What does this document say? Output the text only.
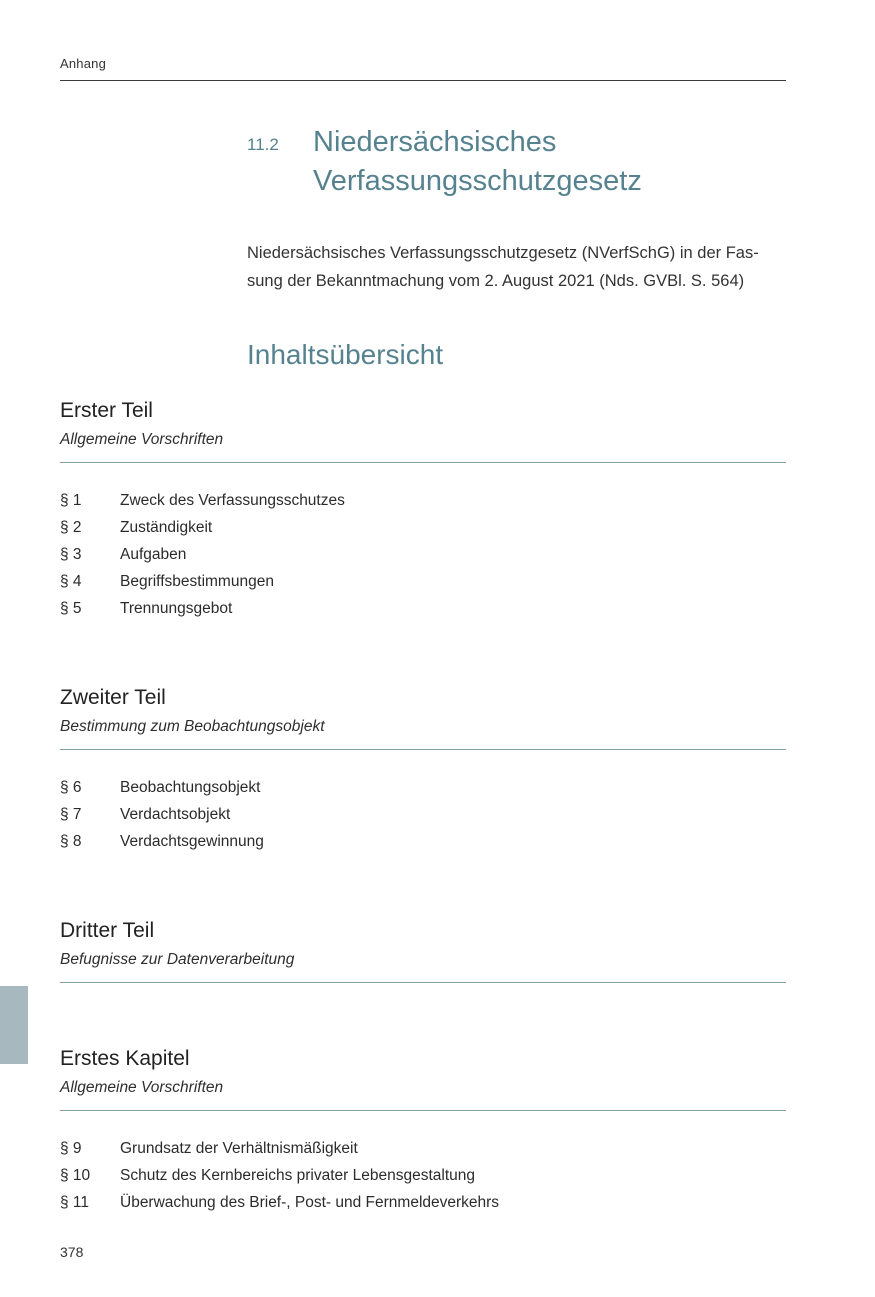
Anhang
11.2	Niedersächsisches
Verfassungsschutzgesetz
Niedersächsisches Verfassungsschutzgesetz (NVerfSchG) in der Fas-
sung der Bekanntmachung vom 2. August 2021 (Nds. GVBl. S. 564)
Inhaltsübersicht
Erster Teil
Allgemeine Vorschriften
§ 1	Zweck des Verfassungsschutzes
§ 2	Zuständigkeit
§ 3	Aufgaben
§ 4	Begriffsbestimmungen
§ 5	Trennungsgebot
Zweiter Teil
Bestimmung zum Beobachtungsobjekt
§ 6	Beobachtungsobjekt
§ 7	Verdachtsobjekt
§ 8	Verdachtsgewinnung
Dritter Teil
Befugnisse zur Datenverarbeitung
Erstes Kapitel
Allgemeine Vorschriften
§ 9	Grundsatz der Verhältnismäßigkeit
§ 10	Schutz des Kernbereichs privater Lebensgestaltung
§ 11	Überwachung des Brief-, Post- und Fernmeldeverkehrs
378
